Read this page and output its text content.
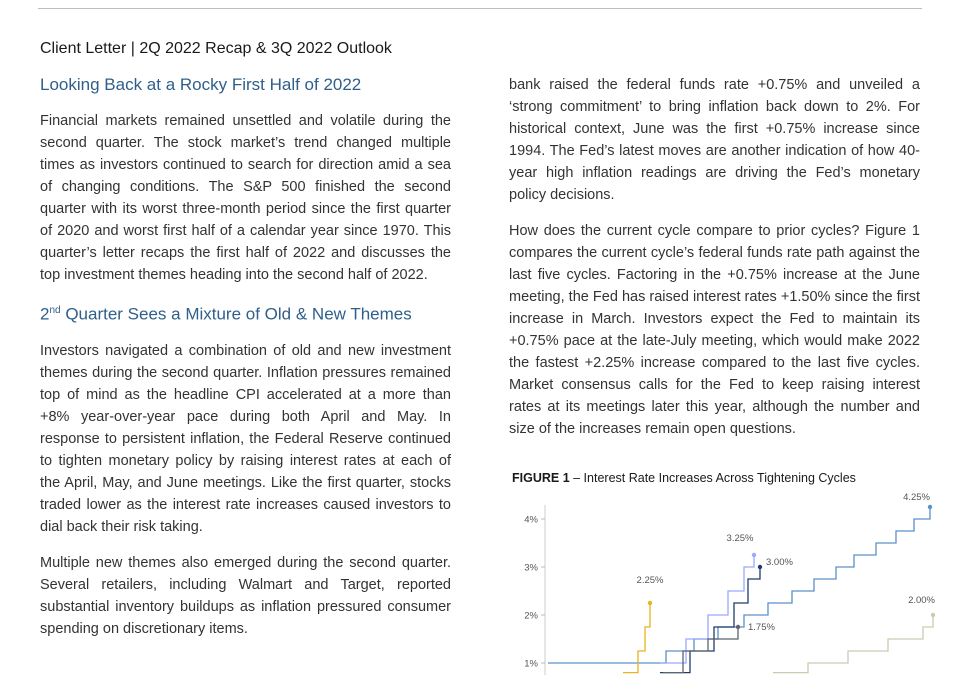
Client Letter | 2Q 2022 Recap & 3Q 2022 Outlook
Looking Back at a Rocky First Half of 2022

Financial markets remained unsettled and volatile during the second quarter. The stock market’s trend changed multiple times as investors continued to search for direction amid a sea of changing conditions. The S&P 500 finished the second quarter with its worst three-month period since the first quarter of 2020 and worst first half of a calendar year since 1970. This quarter’s letter recaps the first half of 2022 and discusses the top investment themes heading into the second half of 2022.

2nd Quarter Sees a Mixture of Old & New Themes

Investors navigated a combination of old and new investment themes during the second quarter. Inflation pressures remained top of mind as the headline CPI accelerated at a more than +8% year-over-year pace during both April and May. In response to persistent inflation, the Federal Reserve continued to tighten monetary policy by raising interest rates at each of the April, May, and June meetings. Like the first quarter, stocks traded lower as the interest rate increases caused investors to dial back their risk taking.

Multiple new themes also emerged during the second quarter. Several retailers, including Walmart and Target, reported substantial inventory buildups as inflation pressured consumer spending on discretionary items.

bank raised the federal funds rate +0.75% and unveiled a ‘strong commitment’ to bring inflation back down to 2%. For historical context, June was the first +0.75% increase since 1994. The Fed’s latest moves are another indication of how 40-year high inflation readings are driving the Fed’s monetary policy decisions.

How does the current cycle compare to prior cycles? Figure 1 compares the current cycle’s federal funds rate path against the last five cycles. Factoring in the +0.75% increase at the June meeting, the Fed has raised interest rates +1.50% since the first increase in March. Investors expect the Fed to maintain its +0.75% pace at the late-July meeting, which would make 2022 the fastest +2.25% increase compared to the last five cycles. Market consensus calls for the Fed to keep raising interest rates at its meetings later this year, although the number and size of the increases remain open questions.

FIGURE 1 – Interest Rate Increases Across Tightening Cycles
4%
3%
2%
1%
4.25%
3.25%
3.00%
1.75%
2.00%
2.25%
